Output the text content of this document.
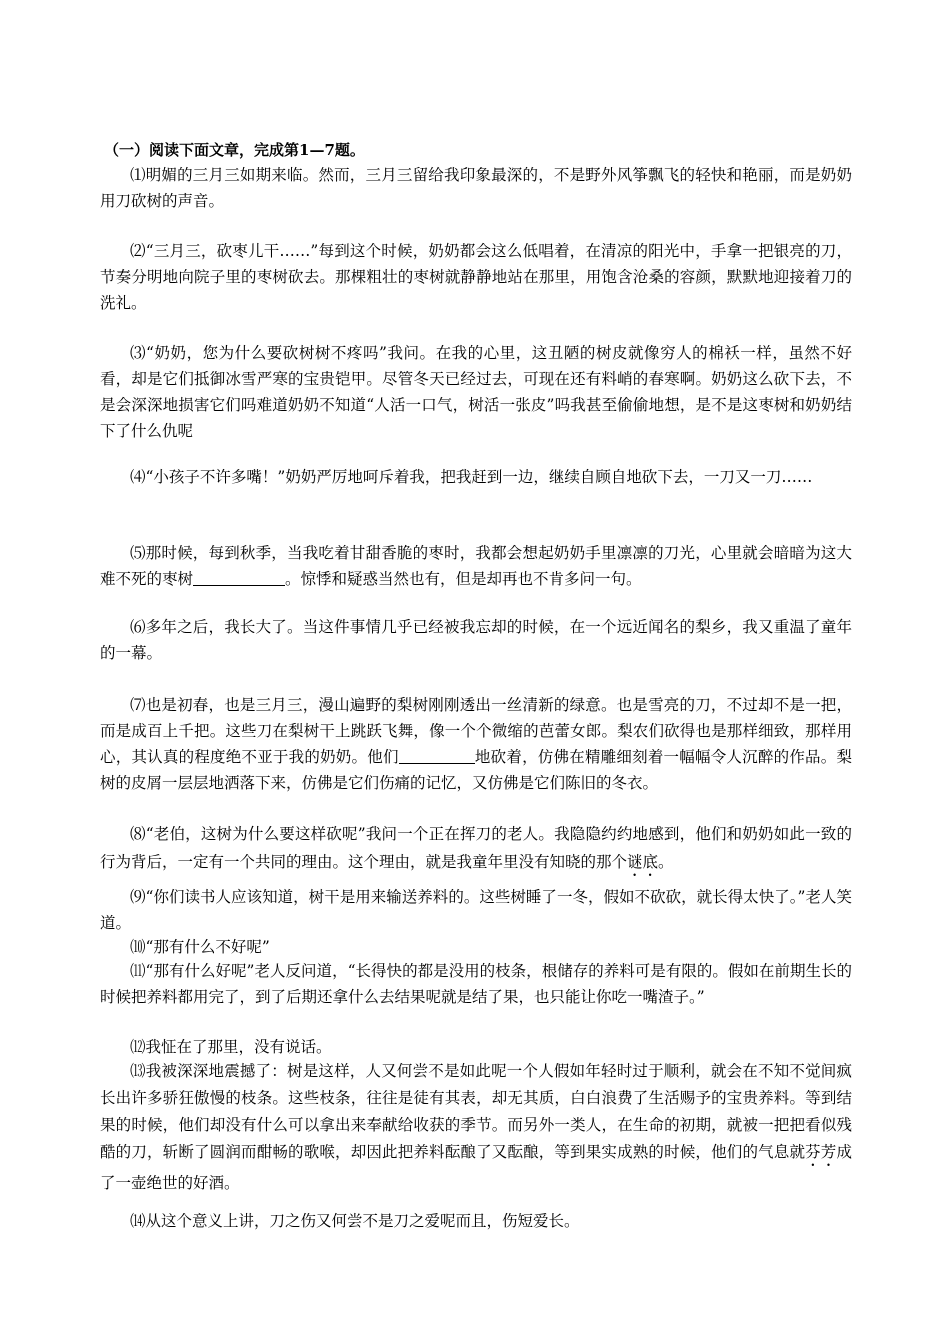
（一）阅读下面文章，完成第1—7题。
⑴明媚的三月三如期来临。然而，三月三留给我印象最深的，不是野外风筝飘飞的轻快和艳丽，而是奶奶用刀砍树的声音。
⑵“三月三，砍枣儿干……”每到这个时候，奶奶都会这么低唱着，在清凉的阳光中，手拿一把银亮的刀，节奏分明地向院子里的枣树砍去。那棵粗壮的枣树就静静地站在那里，用饱含沧桑的容颜，默默地迎接着刀的洗礼。
⑶“奶奶，您为什么要砍树树不疼吗”我问。在我的心里，这丑陋的树皮就像穷人的棉袄一样，虽然不好看，却是它们抵御冰雪严寒的宝贵铠甲。尽管冬天已经过去，可现在还有料峭的春寒啊。奶奶这么砍下去，不是会深深地损害它们吗难道奶奶不知道“人活一口气，树活一张皮”吗我甚至偷偷地想，是不是这枣树和奶奶结下了什么仇呢
⑷“小孩子不许多嘴！”奶奶严厉地呵斥着我，把我赶到一边，继续自顾自地砍下去，一刀又一刀……
⑸那时候，每到秋季，当我吃着甘甜香脆的枣时，我都会想起奶奶手里凛凛的刀光，心里就会暗暗为这大难不死的枣树	。惊悸和疑惑当然也有，但是却再也不肯多问一句。
⑹多年之后，我长大了。当这件事情几乎已经被我忘却的时候，在一个远近闻名的梨乡，我又重温了童年的一幕。
⑺也是初春，也是三月三，漫山遍野的梨树刚刚透出一丝清新的绿意。也是雪亮的刀，不过却不是一把，而是成百上千把。这些刀在梨树干上跳跃飞舞，像一个个微缩的芭蕾女郎。梨农们砍得也是那样细致，那样用心，其认真的程度绝不亚于我的奶奶。他们	地砍着，仿佛在精雕细刻着一幅幅令人沉醉的作品。梨树的皮屑一层层地洒落下来，仿佛是它们伤痛的记忆，又仿佛是它们陈旧的冬衣。
⑻“老伯，这树为什么要这样砍呢”我问一个正在挥刀的老人。我隐隐约约地感到，他们和奶奶如此一致的行为背后，一定有一个共同的理由。这个理由，就是我童年里没有知晓的那个谜底。
⑼“你们读书人应该知道，树干是用来输送养料的。这些树睡了一冬，假如不砍砍，就长得太快了。”老人笑道。
⑽“那有什么不好呢”
⑾“那有什么好呢”老人反问道，“长得快的都是没用的枝条，根储存的养料可是有限的。假如在前期生长的时候把养料都用完了，到了后期还拿什么去结果呢就是结了果，也只能让你吃一嘴渣子。”
⑿我怔在了那里，没有说话。
⒀我被深深地震撼了：树是这样，人又何尝不是如此呢一个人假如年轻时过于顺利，就会在不知不觉间疯长出许多骄狂傲慢的枝条。这些枝条，往往是徒有其表，却无其质，白白浪费了生活赐予的宝贵养料。等到结果的时候，他们却没有什么可以拿出来奉献给收获的季节。而另外一类人，在生命的初期，就被一把把看似残酷的刀，斩断了圆润而酣畅的歌喉，却因此把养料酝酿了又酝酿，等到果实成熟的时候，他们的气息就芬芳成了一壶绝世的好酒。
⒁从这个意义上讲，刀之伤又何尝不是刀之爱呢而且，伤短爱长。
